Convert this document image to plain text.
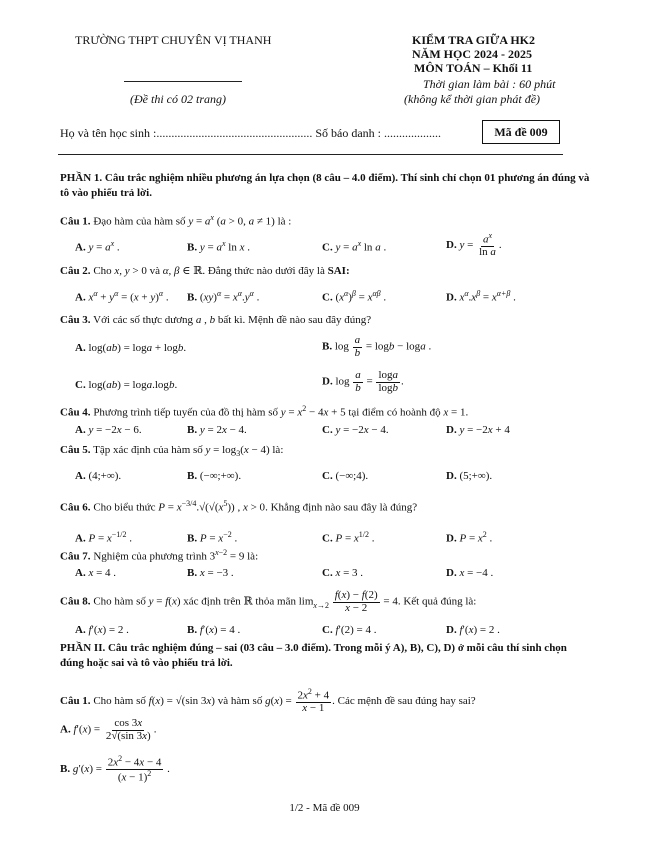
TRƯỜNG THPT CHUYÊN VỊ THANH	KIỂM TRA GIỮA HK2
NĂM HỌC 2024 - 2025
MÔN TOÁN – Khối 11
Thời gian làm bài : 60 phút
(không kể thời gian phát đề)
(Đề thi có 02 trang)
Họ và tên học sinh :.................................................... Số báo danh : ...................	Mã đề 009
PHẦN 1. Câu trắc nghiệm nhiều phương án lựa chọn (8 câu – 4.0 điểm). Thí sinh chỉ chọn 01 phương án đúng và tô vào phiếu trả lời.
Câu 1. Đạo hàm của hàm số $y = a^x$ (a > 0, a ≠ 1) là :
A. $y = a^x$ .	B. $y = a^x$ ln x .	C. $y = a^x$ ln a .	D. $y = \frac{a^x}{\text{ln a}}$ .
Câu 2. Cho x, y > 0 và α, β ∈ ℝ. Đẳng thức nào dưới đây là SAI:
A. $x^\alpha + y^\alpha = (x + y)^\alpha$ . B. $(xy)^\alpha = x^\alpha.y^\alpha$ .	C. $(x^\alpha)^\beta = x^{\alpha\beta}$ .	D. $x^\alpha.x^\beta = x^{\alpha+\beta}$ .
Câu 3. Với các số thực dương a , b bất kì. Mệnh đề nào sau đây đúng?
A. log(ab) = loga + logb.	B. $\log \frac{a}{b} = \log b - \log a$ .
C. log(ab) = loga.logb.	D. $\log \frac{a}{b} = \frac{\log a}{\log b}$ .
Câu 4. Phương trình tiếp tuyến của đồ thị hàm số $y = x^2 - 4x + 5$ tại điểm có hoành độ x = 1.
A. y = −2x − 6.	B. y = 2x − 4.	C. y = −2x − 4.	D. y = −2x + 4
Câu 5. Tập xác định của hàm số $y = \log_3(x - 4)$ là:
A. (4;+∞).	B. (−∞;+∞).	C. (−∞;4).	D. (5;+∞).
Câu 6. Cho biểu thức $P = x^{-3/4}.√(√(x^5))$ , x > 0. Khẳng định nào sau đây là đúng?
A. $P = x^{-1/2}$ .	B. $P = x^{-2}$ .	C. $P = x^{1/2}$ .	D. $P = x^2$ .
Câu 7. Nghiệm của phương trình $3^{x-2} = 9$ là:
A. x = 4 .	B. x = −3 .	C. x = 3 .	D. x = −4 .
Câu 8. Cho hàm số y = f(x) xác định trên ℝ thỏa mãn $\lim_{x\to 2} \frac{f(x) - f(2)}{x - 2} = 4$. Kết quả đúng là:
A. f′(x) = 2 .	B. f′(x) = 4 .	C. f′(2) = 4 .	D. f′(x) = 2 .
PHẦN II. Câu trắc nghiệm đúng – sai (03 câu – 3.0 điểm). Trong mỗi ý A), B), C), D) ở mỗi câu thí sinh chọn đúng hoặc sai và tô vào phiếu trả lời.
Câu 1. Cho hàm số f(x) = √(sin 3x) và hàm số $g(x) = \frac{2x^2 + 4}{x - 1}$ . Các mệnh đề sau đúng hay sai?
A. $f'(x) = \frac{\cos 3x}{2√(\sin 3x)}$ .
B. $g'(x) = \frac{2x^2 - 4x - 4}{(x - 1)^2}$ .
1/2 - Mã đề 009
